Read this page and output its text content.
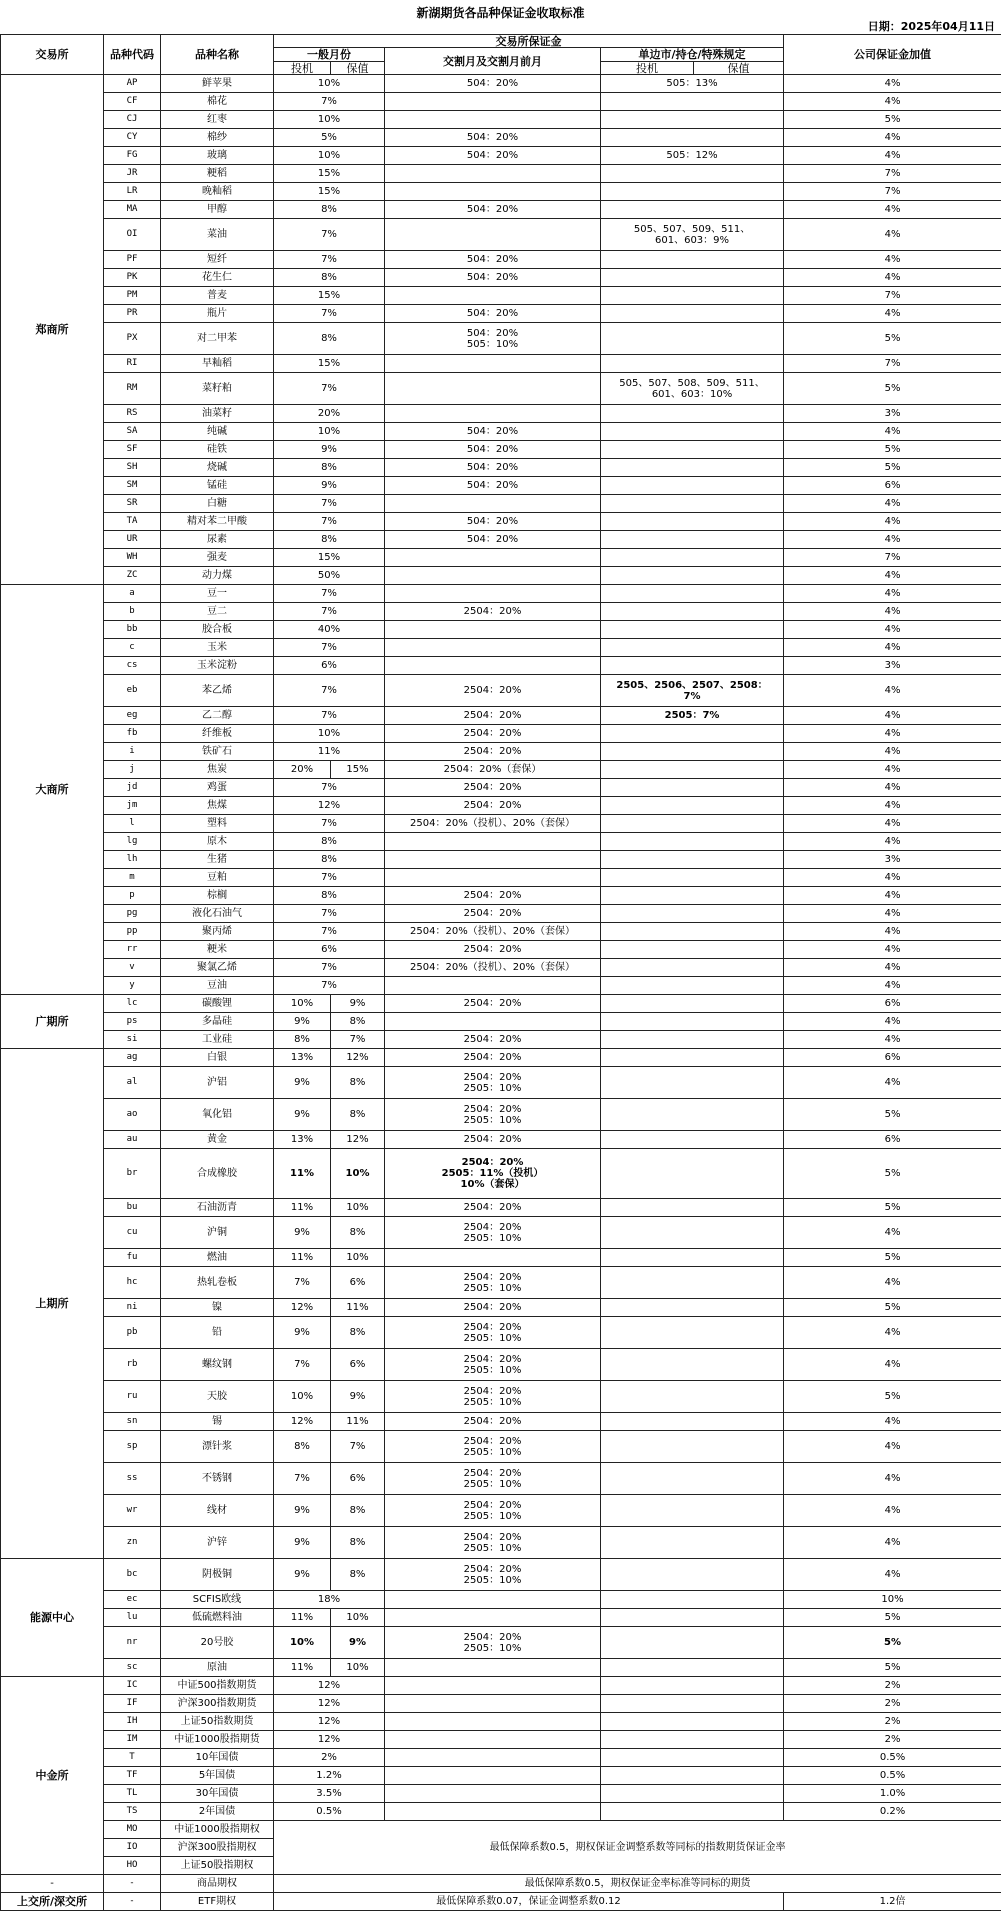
新湖期货各品种保证金收取标准
日期：2025年04月11日
交易所	品种代码	品种名称	交易所保证金					公司保证金加值
			一般月份		交割月及交割月前月	单边市/持仓/特殊规定		
			投机	保值		投机	保值	
郑商所	AP	鲜苹果	10%		504：20%	505：13%		4%
	CF	棉花	7%					4%
	CJ	红枣	10%					5%
	CY	棉纱	5%		504：20%			4%
	FG	玻璃	10%		504：20%	505：12%		4%
	JR	粳稻	15%					7%
	LR	晚籼稻	15%					7%
	MA	甲醇	8%		504：20%			4%
	OI	菜油	7%			505、507、509、511、
601、603：9%		4%
	PF	短纤	7%		504：20%			4%
	PK	花生仁	8%		504：20%			4%
	PM	普麦	15%					7%
	PR	瓶片	7%		504：20%			4%
	PX	对二甲苯	8%		504：20%
505：10%			5%
	RI	早籼稻	15%					7%
	RM	菜籽粕	7%			505、507、508、509、511、
601、603：10%		5%
	RS	油菜籽	20%					3%
	SA	纯碱	10%		504：20%			4%
	SF	硅铁	9%		504：20%			5%
	SH	烧碱	8%		504：20%			5%
	SM	锰硅	9%		504：20%			6%
	SR	白糖	7%					4%
	TA	精对苯二甲酸	7%		504：20%			4%
	UR	尿素	8%		504：20%			4%
	WH	强麦	15%					7%
	ZC	动力煤	50%					4%
大商所	a	豆一	7%					4%
	b	豆二	7%		2504：20%			4%
	bb	胶合板	40%					4%
	c	玉米	7%					4%
	cs	玉米淀粉	6%					3%
	eb	苯乙烯	7%		2504：20%	2505、2506、2507、2508：
7%		4%
	eg	乙二醇	7%		2504：20%	2505：7%		4%
	fb	纤维板	10%		2504：20%			4%
	i	铁矿石	11%		2504：20%			4%
	j	焦炭	20%	15%	2504：20%（套保）			4%
	jd	鸡蛋	7%		2504：20%			4%
	jm	焦煤	12%		2504：20%			4%
	l	塑料	7%		2504：20%（投机）、20%（套保）			4%
	lg	原木	8%					4%
	lh	生猪	8%					3%
	m	豆粕	7%					4%
	p	棕榈	8%		2504：20%			4%
	pg	液化石油气	7%		2504：20%			4%
	pp	聚丙烯	7%		2504：20%（投机）、20%（套保）			4%
	rr	粳米	6%		2504：20%			4%
	v	聚氯乙烯	7%		2504：20%（投机）、20%（套保）			4%
	y	豆油	7%					4%
广期所	lc	碳酸锂	10%	9%	2504：20%			6%
	ps	多晶硅	9%	8%				4%
	si	工业硅	8%	7%	2504：20%			4%
上期所	ag	白银	13%	12%	2504：20%			6%
	al	沪铝	9%	8%	2504：20%
2505：10%			4%
	ao	氧化铝	9%	8%	2504：20%
2505：10%			5%
	au	黄金	13%	12%	2504：20%			6%
	br	合成橡胶	11%	10%	2504：20%
2505：11%（投机）
10%（套保）			5%
	bu	石油沥青	11%	10%	2504：20%			5%
	cu	沪铜	9%	8%	2504：20%
2505：10%			4%
	fu	燃油	11%	10%				5%
	hc	热轧卷板	7%	6%	2504：20%
2505：10%			4%
	ni	镍	12%	11%	2504：20%			5%
	pb	铅	9%	8%	2504：20%
2505：10%			4%
	rb	螺纹钢	7%	6%	2504：20%
2505：10%			4%
	ru	天胶	10%	9%	2504：20%
2505：10%			5%
	sn	锡	12%	11%	2504：20%			4%
	sp	漂针浆	8%	7%	2504：20%
2505：10%			4%
	ss	不锈钢	7%	6%	2504：20%
2505：10%			4%
	wr	线材	9%	8%	2504：20%
2505：10%			4%
	zn	沪锌	9%	8%	2504：20%
2505：10%			4%
能源中心	bc	阴极铜	9%	8%	2504：20%
2505：10%			4%
	ec	SCFIS欧线	18%					10%
	lu	低硫燃料油	11%	10%				5%
	nr	20号胶	10%	9%	2504：20%
2505：10%			5%
	sc	原油	11%	10%				5%
中金所	IC	中证500指数期货	12%					2%
	IF	沪深300指数期货	12%					2%
	IH	上证50指数期货	12%					2%
	IM	中证1000股指期货	12%					2%
	T	10年国债	2%					0.5%
	TF	5年国债	1.2%					0.5%
	TL	30年国债	3.5%					1.0%
	TS	2年国债	0.5%					0.2%
	MO	中证1000股指期权	最低保障系数0.5，期权保证金调整系数等同标的指数期货保证金率					
	IO	沪深300股指期权						
	HO	上证50股指期权						
-	-	商品期权	最低保障系数0.5，期权保证金率标准等同标的期货					
上交所/深交所	-	ETF期权	最低保障系数0.07，保证金调整系数0.12					1.2倍
